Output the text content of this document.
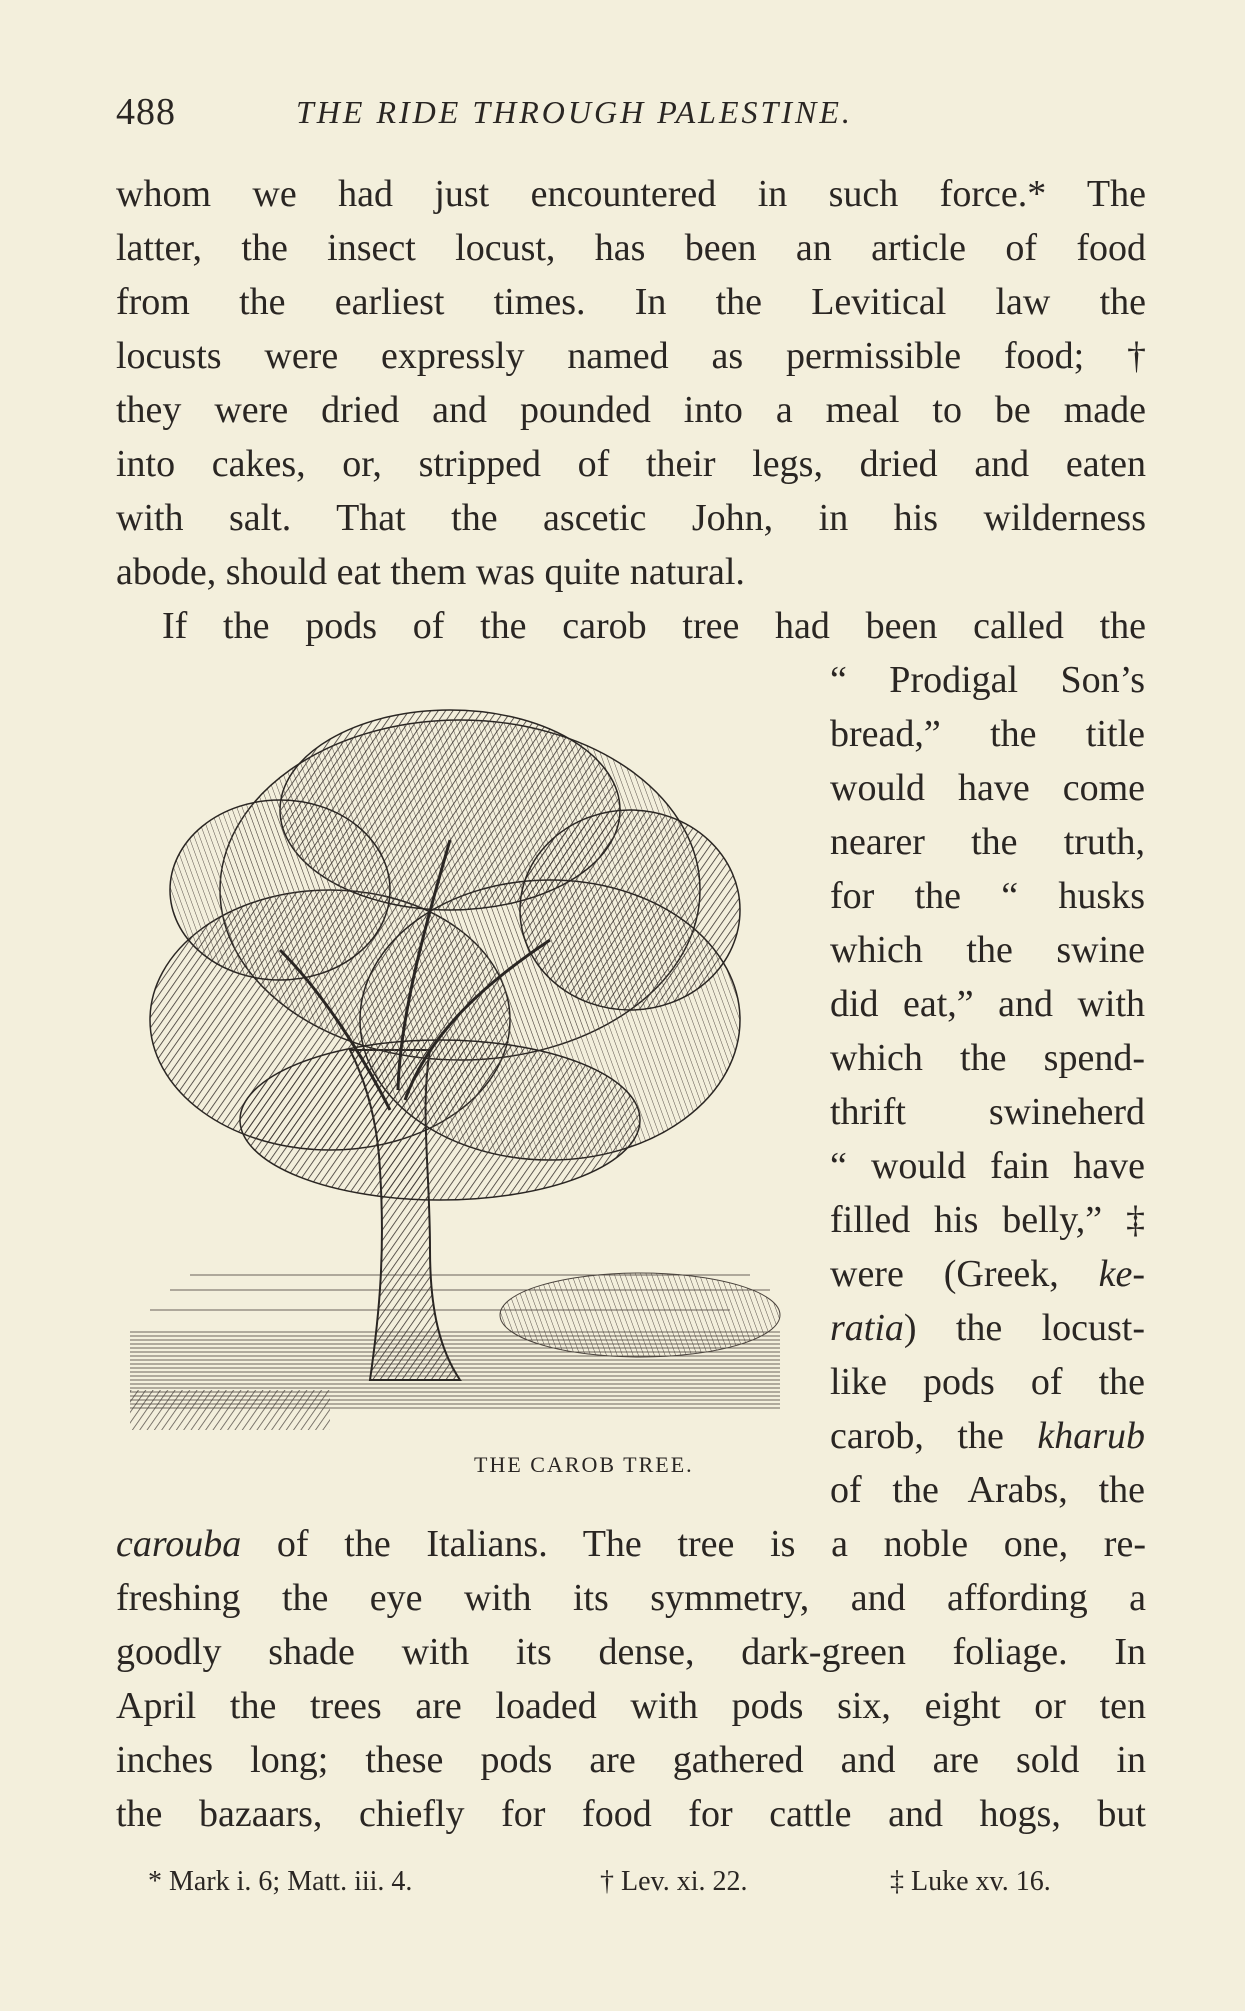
488	THE RIDE THROUGH PALESTINE.
whom we had just encountered in such force.* The
latter, the insect locust, has been an article of food
from the earliest times. In the Levitical law the
locusts were expressly named as permissible food; †
they were dried and pounded into a meal to be made
into cakes, or, stripped of their legs, dried and eaten
with salt. That the ascetic John, in his wilderness
abode, should eat them was quite natural.
If the pods of the carob tree had been called the
“ Prodigal Son’s
bread,” the title
would have come
nearer the truth,
for the “ husks
which the swine
did eat,” and with
which the spend-
thrift swineherd
“ would fain have
filled his belly,” ‡
were (Greek, ke-
ratia) the locust-
like pods of the
carob, the kharub
of the Arabs, the
THE CAROB TREE.
carouba of the Italians. The tree is a noble one, re-
freshing the eye with its symmetry, and affording a
goodly shade with its dense, dark-green foliage. In
April the trees are loaded with pods six, eight or ten
inches long; these pods are gathered and are sold in
the bazaars, chiefly for food for cattle and hogs, but
* Mark i. 6; Matt. iii. 4.	† Lev. xi. 22.	‡ Luke xv. 16.
